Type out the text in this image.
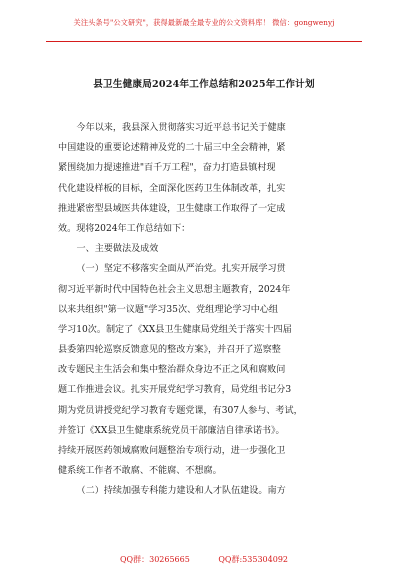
关注头条号"公文研究"，获得最新最全最专业的公文资料库！ 微信：gongwenyj
县卫生健康局2024年工作总结和2025年工作计划
今年以来，我县深入贯彻落实习近平总书记关于健康
中国建设的重要论述精神及党的二十届三中全会精神，紧
紧围绕加力提速推进"百千万工程"，奋力打造县镇村现
代化建设样板的目标，全面深化医药卫生体制改革，扎实
推进紧密型县域医共体建设，卫生健康工作取得了一定成
效。现将2024年工作总结如下：
一、主要做法及成效
（一）坚定不移落实全面从严治党。扎实开展学习贯
彻习近平新时代中国特色社会主义思想主题教育，2024年
以来共组织"第一议题"学习35次、党组理论学习中心组
学习10次。制定了《XX县卫生健康局党组关于落实十四届
县委第四轮巡察反馈意见的整改方案》，并召开了巡察整
改专题民主生活会和集中整治群众身边不正之风和腐败问
题工作推进会议。扎实开展党纪学习教育，局党组书记分3
期为党员讲授党纪学习教育专题党课，有307人参与、考试，
并签订《XX县卫生健康系统党员干部廉洁自律承诺书》。
持续开展医药领域腐败问题整治专项行动，进一步强化卫
健系统工作者不敢腐、不能腐、不想腐。
（二）持续加强专科能力建设和人才队伍建设。南方
QQ群：30265665	QQ群:535304092
